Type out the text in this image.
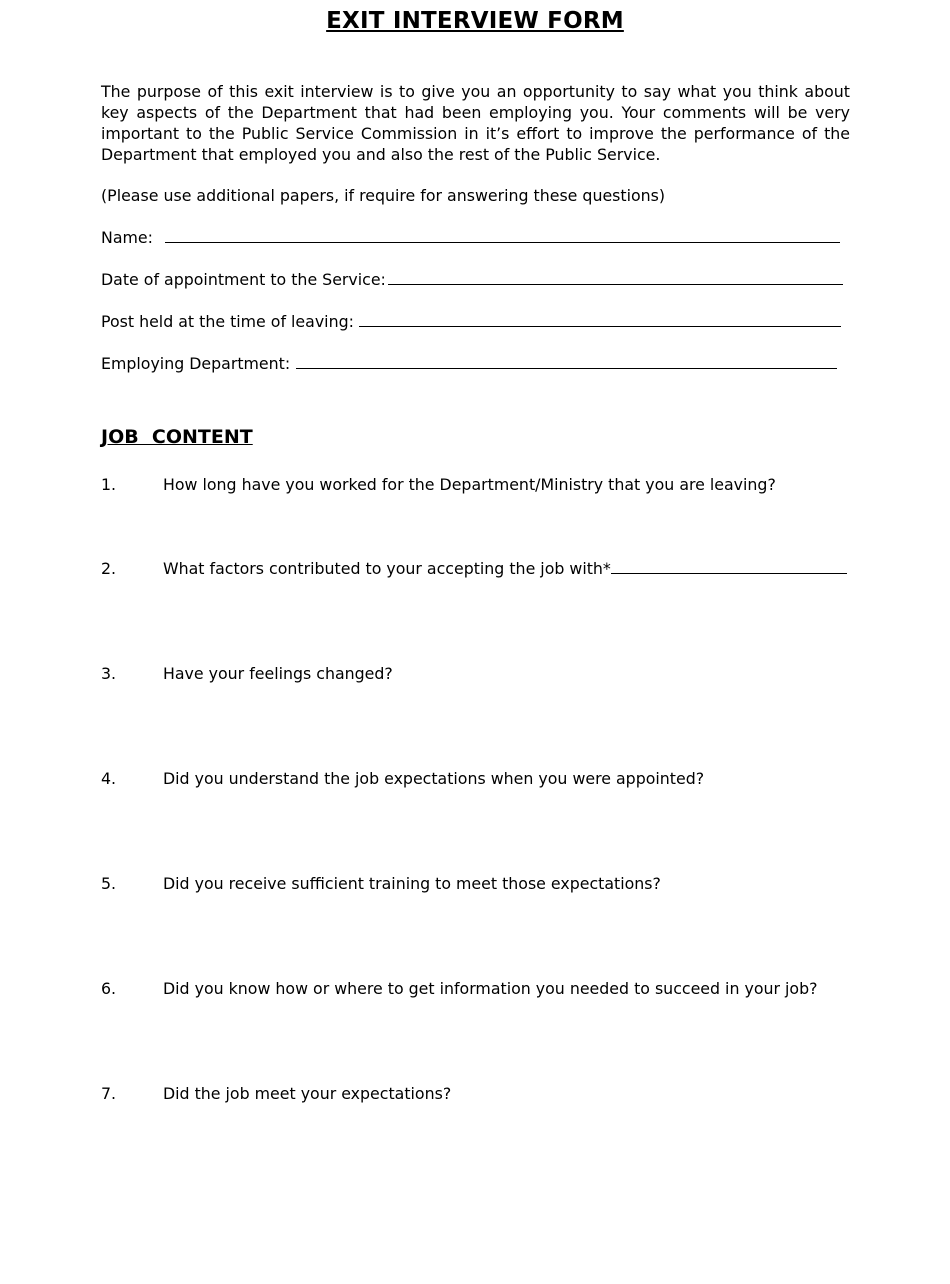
EXIT INTERVIEW FORM

The purpose of this exit interview is to give you an opportunity to say what you think about key aspects of the Department that had been employing you. Your comments will be very important to the Public Service Commission in it’s effort to improve the performance of the Department that employed you and also the rest of the Public Service.

(Please use additional papers, if require for answering these questions)

Name:
Date of appointment to the Service:
Post held at the time of leaving:
Employing Department:
JOB  CONTENT
1.	How long have you worked for the Department/Ministry that you are leaving?
2.	What factors contributed to your accepting the job with*
3.	Have your feelings changed?
4.	Did you understand the job expectations when you were appointed?
5.	Did you receive sufficient training to meet those expectations?
6.	Did you know how or where to get information you needed to succeed in your job?
7.	Did the job meet your expectations?
